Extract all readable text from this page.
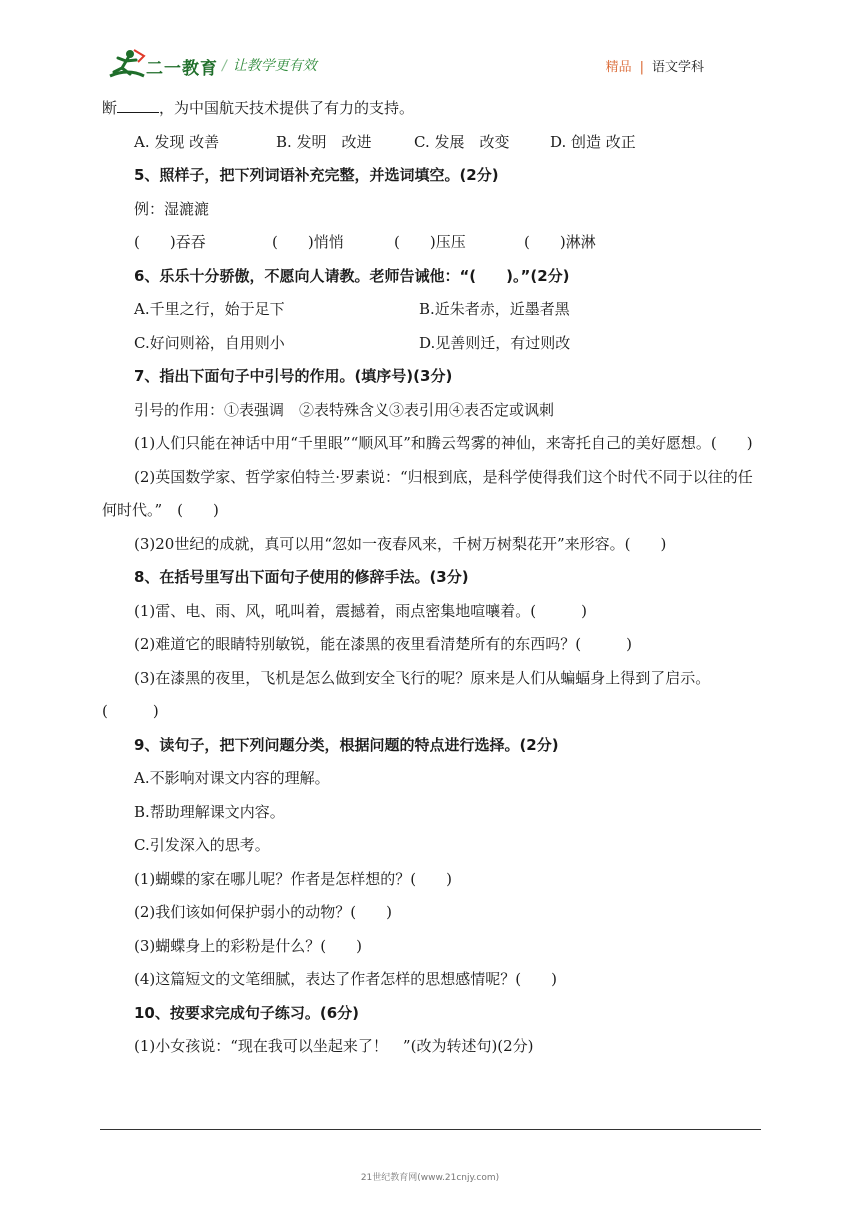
二一教育 / 让教学更有效	精品 | 语文学科

断	，为中国航天技术提供了有力的支持。

A. 发现 改善	B. 发明　改进	C. 发展　改变	D. 创造 改正

5、照样子，把下列词语补充完整，并选词填空。(2分)

例：湿漉漉

(　　)吞吞	(　　)悄悄	(　　)压压	(　　)淋淋

6、乐乐十分骄傲，不愿向人请教。老师告诫他：“(　　)。”(2分)

A.千里之行，始于足下	B.近朱者赤，近墨者黑
C.好问则裕，自用则小	D.见善则迁，有过则改

7、指出下面句子中引号的作用。(填序号)(3分)

引号的作用：①表强调　②表特殊含义③表引用④表否定或讽刺

(1)人们只能在神话中用“千里眼”“顺风耳”和腾云驾雾的神仙，来寄托自己的美好愿想。(　　)

(2)英国数学家、哲学家伯特兰·罗素说：“归根到底，是科学使得我们这个时代不同于以往的任何时代。”　(　　)

(3)20世纪的成就，真可以用“忽如一夜春风来，千树万树梨花开”来形容。(　　)

8、在括号里写出下面句子使用的修辞手法。(3分)

(1)雷、电、雨、风，吼叫着，震撼着，雨点密集地喧嚷着。(　　　)

(2)难道它的眼睛特别敏锐，能在漆黑的夜里看清楚所有的东西吗？(　　　)

(3)在漆黑的夜里，飞机是怎么做到安全飞行的呢？原来是人们从蝙蝠身上得到了启示。(　　　)

9、读句子，把下列问题分类，根据问题的特点进行选择。(2分)

A.不影响对课文内容的理解。

B.帮助理解课文内容。

C.引发深入的思考。

(1)蝴蝶的家在哪儿呢？作者是怎样想的？(　　)

(2)我们该如何保护弱小的动物？(　　)

(3)蝴蝶身上的彩粉是什么？(　　)

(4)这篇短文的文笔细腻，表达了作者怎样的思想感情呢？(　　)

10、按要求完成句子练习。(6分)

(1)小女孩说：“现在我可以坐起来了！　”(改为转述句)(2分)

21世纪教育网(www.21cnjy.com)
